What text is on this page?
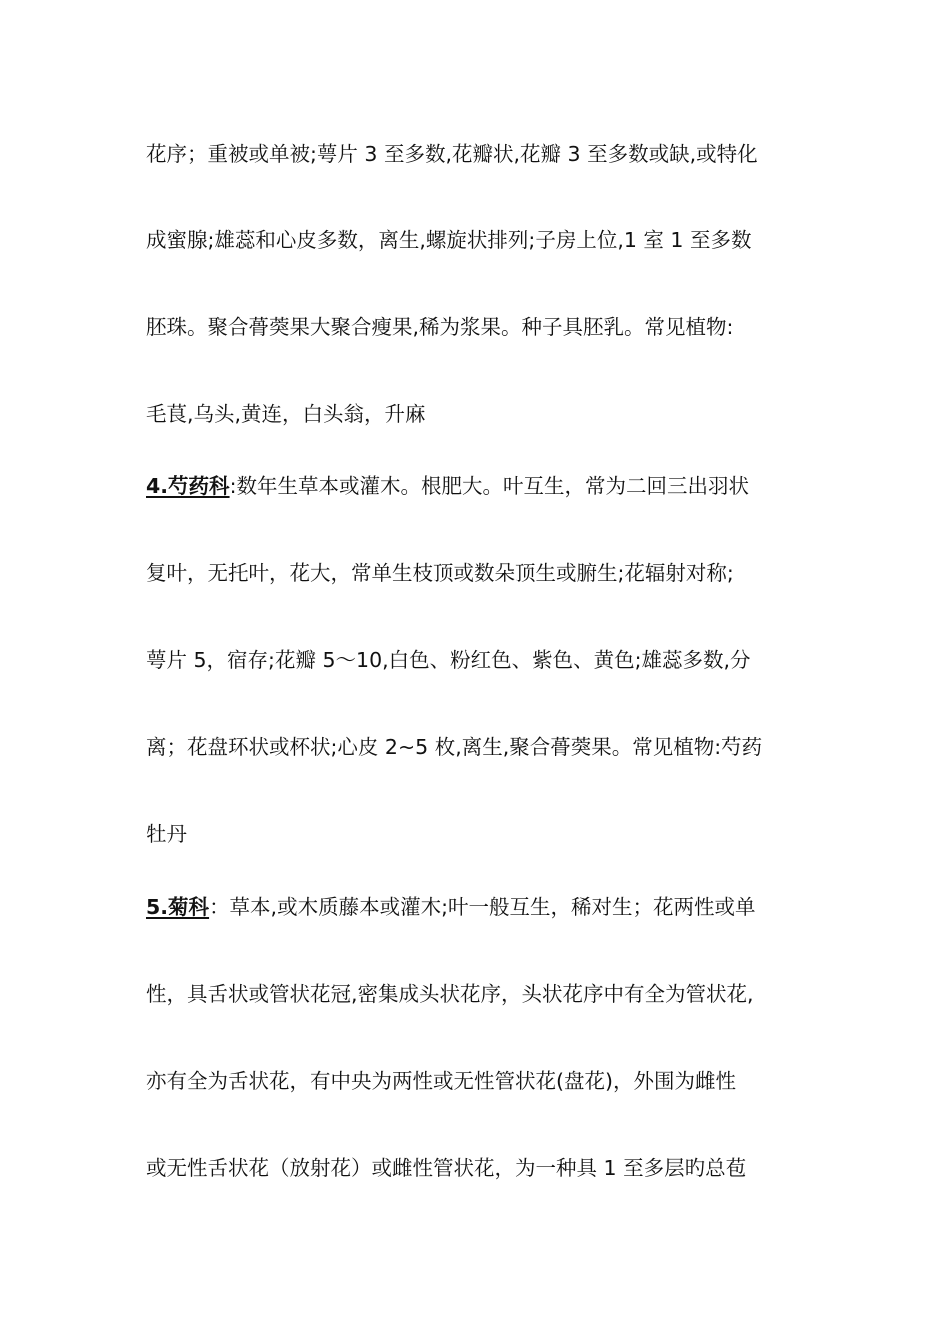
花序；重被或单被;萼片 3 至多数,花瓣状,花瓣 3 至多数或缺,或特化
成蜜腺;雄蕊和心皮多数，离生,螺旋状排列;子房上位,1 室 1 至多数
胚珠。聚合蓇葖果大聚合瘦果,稀为浆果。种子具胚乳。常见植物:
毛茛,乌头,黄连，白头翁，升麻
4.芍药科:数年生草本或灌木。根肥大。叶互生，常为二回三出羽状
复叶，无托叶，花大，常单生枝顶或数朵顶生或腑生;花辐射对称;
萼片 5，宿存;花瓣 5～10,白色、粉红色、紫色、黄色;雄蕊多数,分
离；花盘环状或杯状;心皮 2~5 枚,离生,聚合蓇葖果。常见植物:芍药
牡丹
5.菊科：草本,或木质藤本或灌木;叶一般互生，稀对生；花两性或单
性，具舌状或管状花冠,密集成头状花序，头状花序中有全为管状花,
亦有全为舌状花，有中央为两性或无性管状花(盘花)，外围为雌性
或无性舌状花（放射花）或雌性管状花，为一种具 1 至多层旳总苞
